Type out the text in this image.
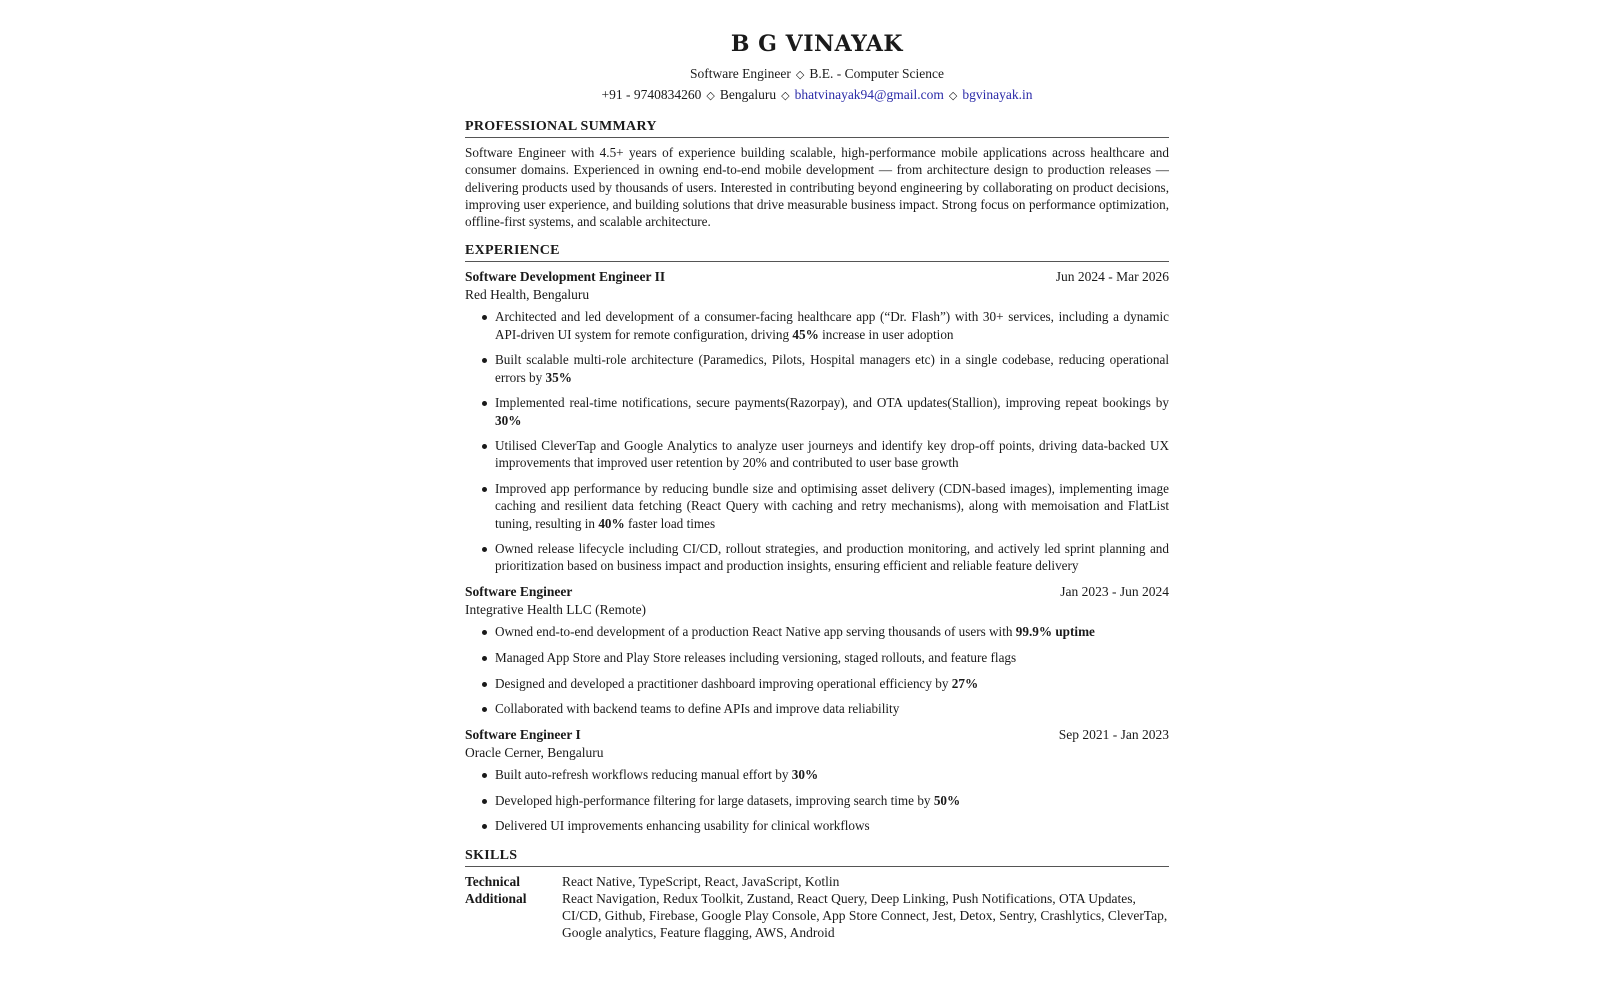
B G VINAYAK
Software Engineer ◇ B.E. - Computer Science
+91 - 9740834260 ◇ Bengaluru ◇ bhatvinayak94@gmail.com ◇ bgvinayak.in
PROFESSIONAL SUMMARY

Software Engineer with 4.5+ years of experience building scalable, high-performance mobile applications across healthcare and consumer domains. Experienced in owning end-to-end mobile development — from architecture design to production releases — delivering products used by thousands of users. Interested in contributing beyond engineering by collaborating on product decisions, improving user experience, and building solutions that drive measurable business impact. Strong focus on performance optimization, offline-first systems, and scalable architecture.

EXPERIENCE
Software Development Engineer II	Jun 2024 - Mar 2026
Red Health, Bengaluru
Architected and led development of a consumer-facing healthcare app (“Dr. Flash”) with 30+ services, including a dynamic API-driven UI system for remote configuration, driving 45% increase in user adoption
Built scalable multi-role architecture (Paramedics, Pilots, Hospital managers etc) in a single codebase, reducing operational errors by 35%
Implemented real-time notifications, secure payments(Razorpay), and OTA updates(Stallion), improving repeat bookings by 30%
Utilised CleverTap and Google Analytics to analyze user journeys and identify key drop-off points, driving data-backed UX improvements that improved user retention by 20% and contributed to user base growth
Improved app performance by reducing bundle size and optimising asset delivery (CDN-based images), implementing image caching and resilient data fetching (React Query with caching and retry mechanisms), along with memoisation and FlatList tuning, resulting in 40% faster load times
Owned release lifecycle including CI/CD, rollout strategies, and production monitoring, and actively led sprint planning and prioritization based on business impact and production insights, ensuring efficient and reliable feature delivery
Software Engineer	Jan 2023 - Jun 2024
Integrative Health LLC (Remote)
Owned end-to-end development of a production React Native app serving thousands of users with 99.9% uptime
Managed App Store and Play Store releases including versioning, staged rollouts, and feature flags
Designed and developed a practitioner dashboard improving operational efficiency by 27%
Collaborated with backend teams to define APIs and improve data reliability
Software Engineer I	Sep 2021 - Jan 2023
Oracle Cerner, Bengaluru
Built auto-refresh workflows reducing manual effort by 30%
Developed high-performance filtering for large datasets, improving search time by 50%
Delivered UI improvements enhancing usability for clinical workflows
SKILLS
Technical	React Native, TypeScript, React, JavaScript, Kotlin
Additional	React Navigation, Redux Toolkit, Zustand, React Query, Deep Linking, Push Notifications, OTA Updates, CI/CD, Github, Firebase, Google Play Console, App Store Connect, Jest, Detox, Sentry, Crashlytics, CleverTap, Google analytics, Feature flagging, AWS, Android
